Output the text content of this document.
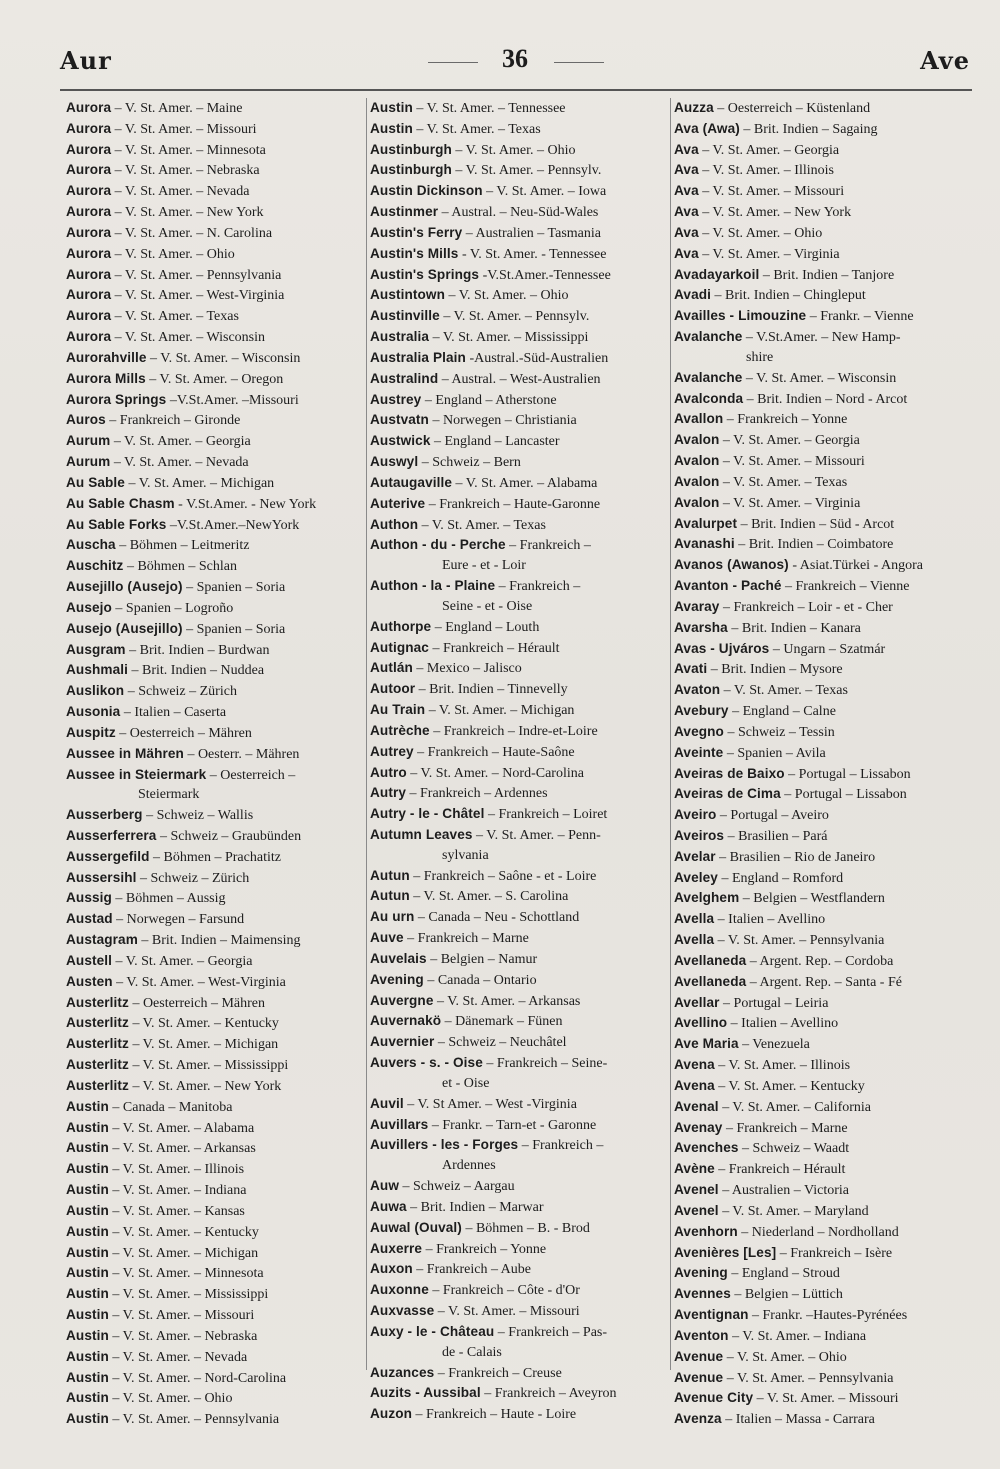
Aur	36	Ave
Aurora – V. St. Amer. – Maine
Aurora – V. St. Amer. – Missouri
Aurora – V. St. Amer. – Minnesota
Aurora – V. St. Amer. – Nebraska
Aurora – V. St. Amer. – Nevada
Aurora – V. St. Amer. – New York
Aurora – V. St. Amer. – N. Carolina
Aurora – V. St. Amer. – Ohio
Aurora – V. St. Amer. – Pennsylvania
Aurora – V. St. Amer. – West-Virginia
Aurora – V. St. Amer. – Texas
Aurora – V. St. Amer. – Wisconsin
Aurorahville – V. St. Amer. – Wisconsin
Aurora Mills – V. St. Amer. – Oregon
Aurora Springs –V.St.Amer. –Missouri
Auros – Frankreich – Gironde
Aurum – V. St. Amer. – Georgia
Aurum – V. St. Amer. – Nevada
Au Sable – V. St. Amer. – Michigan
Au Sable Chasm - V.St.Amer. - New York
Au Sable Forks –V.St.Amer.–NewYork
Auscha – Böhmen – Leitmeritz
Auschitz – Böhmen – Schlan
Ausejillo (Ausejo) – Spanien – Soria
Ausejo – Spanien – Logroño
Ausejo (Ausejillo) – Spanien – Soria
Ausgram – Brit. Indien – Burdwan
Aushmali – Brit. Indien – Nuddea
Auslikon – Schweiz – Zürich
Ausonia – Italien – Caserta
Auspitz – Oesterreich – Mähren
Aussee in Mähren – Oesterr. – Mähren
Aussee in Steiermark – Oesterreich –
Steiermark
Ausserberg – Schweiz – Wallis
Ausserferrera – Schweiz – Graubünden
Aussergefild – Böhmen – Prachatitz
Aussersihl – Schweiz – Zürich
Aussig – Böhmen – Aussig
Austad – Norwegen – Farsund
Austagram – Brit. Indien – Maimensing
Austell – V. St. Amer. – Georgia
Austen – V. St. Amer. – West-Virginia
Austerlitz – Oesterreich – Mähren
Austerlitz – V. St. Amer. – Kentucky
Austerlitz – V. St. Amer. – Michigan
Austerlitz – V. St. Amer. – Mississippi
Austerlitz – V. St. Amer. – New York
Austin – Canada – Manitoba
Austin – V. St. Amer. – Alabama
Austin – V. St. Amer. – Arkansas
Austin – V. St. Amer. – Illinois
Austin – V. St. Amer. – Indiana
Austin – V. St. Amer. – Kansas
Austin – V. St. Amer. – Kentucky
Austin – V. St. Amer. – Michigan
Austin – V. St. Amer. – Minnesota
Austin – V. St. Amer. – Mississippi
Austin – V. St. Amer. – Missouri
Austin – V. St. Amer. – Nebraska
Austin – V. St. Amer. – Nevada
Austin – V. St. Amer. – Nord-Carolina
Austin – V. St. Amer. – Ohio
Austin – V. St. Amer. – Pennsylvania
Austin – V. St. Amer. – Tennessee
Austin – V. St. Amer. – Texas
Austinburgh – V. St. Amer. – Ohio
Austinburgh – V. St. Amer. – Pennsylv.
Austin Dickinson – V. St. Amer. – Iowa
Austinmer – Austral. – Neu-Süd-Wales
Austin's Ferry – Australien – Tasmania
Austin's Mills - V. St. Amer. - Tennessee
Austin's Springs -V.St.Amer.-Tennessee
Austintown – V. St. Amer. – Ohio
Austinville – V. St. Amer. – Pennsylv.
Australia – V. St. Amer. – Mississippi
Australia Plain -Austral.-Süd-Australien
Australind – Austral. – West-Australien
Austrey – England – Atherstone
Austvatn – Norwegen – Christiania
Austwick – England – Lancaster
Auswyl – Schweiz – Bern
Autaugaville – V. St. Amer. – Alabama
Auterive – Frankreich – Haute-Garonne
Authon – V. St. Amer. – Texas
Authon - du - Perche – Frankreich –
Eure - et - Loir
Authon - la - Plaine – Frankreich –
Seine - et - Oise
Authorpe – England – Louth
Autignac – Frankreich – Hérault
Autlán – Mexico – Jalisco
Autoor – Brit. Indien – Tinnevelly
Au Train – V. St. Amer. – Michigan
Autrèche – Frankreich – Indre-et-Loire
Autrey – Frankreich – Haute-Saône
Autro – V. St. Amer. – Nord-Carolina
Autry – Frankreich – Ardennes
Autry - le - Châtel – Frankreich – Loiret
Autumn Leaves – V. St. Amer. – Penn-
sylvania
Autun – Frankreich – Saône - et - Loire
Autun – V. St. Amer. – S. Carolina
Au urn – Canada – Neu - Schottland
Auve – Frankreich – Marne
Auvelais – Belgien – Namur
Avening – Canada – Ontario
Auvergne – V. St. Amer. – Arkansas
Auvernakö – Dänemark – Fünen
Auvernier – Schweiz – Neuchâtel
Auvers - s. - Oise – Frankreich – Seine-
et - Oise
Auvil – V. St Amer. – West -Virginia
Auvillars – Frankr. – Tarn-et - Garonne
Auvillers - les - Forges – Frankreich –
Ardennes
Auw – Schweiz – Aargau
Auwa – Brit. Indien – Marwar
Auwal (Ouval) – Böhmen – B. - Brod
Auxerre – Frankreich – Yonne
Auxon – Frankreich – Aube
Auxonne – Frankreich – Côte - d'Or
Auxvasse – V. St. Amer. – Missouri
Auxy - le - Château – Frankreich – Pas-
de - Calais
Auzances – Frankreich – Creuse
Auzits - Aussibal – Frankreich – Aveyron
Auzon – Frankreich – Haute - Loire
Auzza – Oesterreich – Küstenland
Ava (Awa) – Brit. Indien – Sagaing
Ava – V. St. Amer. – Georgia
Ava – V. St. Amer. – Illinois
Ava – V. St. Amer. – Missouri
Ava – V. St. Amer. – New York
Ava – V. St. Amer. – Ohio
Ava – V. St. Amer. – Virginia
Avadayarkoil – Brit. Indien – Tanjore
Avadi – Brit. Indien – Chingleput
Availles - Limouzine – Frankr. – Vienne
Avalanche – V.St.Amer. – New Hamp-
shire
Avalanche – V. St. Amer. – Wisconsin
Avalconda – Brit. Indien – Nord - Arcot
Avallon – Frankreich – Yonne
Avalon – V. St. Amer. – Georgia
Avalon – V. St. Amer. – Missouri
Avalon – V. St. Amer. – Texas
Avalon – V. St. Amer. – Virginia
Avalurpet – Brit. Indien – Süd - Arcot
Avanashi – Brit. Indien – Coimbatore
Avanos (Awanos) - Asiat.Türkei - Angora
Avanton - Paché – Frankreich – Vienne
Avaray – Frankreich – Loir - et - Cher
Avarsha – Brit. Indien – Kanara
Avas - Ujváros – Ungarn – Szatmár
Avati – Brit. Indien – Mysore
Avaton – V. St. Amer. – Texas
Avebury – England – Calne
Avegno – Schweiz – Tessin
Aveinte – Spanien – Avila
Aveiras de Baixo – Portugal – Lissabon
Aveiras de Cima – Portugal – Lissabon
Aveiro – Portugal – Aveiro
Aveiros – Brasilien – Pará
Avelar – Brasilien – Rio de Janeiro
Aveley – England – Romford
Avelghem – Belgien – Westflandern
Avella – Italien – Avellino
Avella – V. St. Amer. – Pennsylvania
Avellaneda – Argent. Rep. – Cordoba
Avellaneda – Argent. Rep. – Santa - Fé
Avellar – Portugal – Leiria
Avellino – Italien – Avellino
Ave Maria – Venezuela
Avena – V. St. Amer. – Illinois
Avena – V. St. Amer. – Kentucky
Avenal – V. St. Amer. – California
Avenay – Frankreich – Marne
Avenches – Schweiz – Waadt
Avène – Frankreich – Hérault
Avenel – Australien – Victoria
Avenel – V. St. Amer. – Maryland
Avenhorn – Niederland – Nordholland
Avenières [Les] – Frankreich – Isère
Avening – England – Stroud
Avennes – Belgien – Lüttich
Aventignan – Frankr. –Hautes-Pyrénées
Aventon – V. St. Amer. – Indiana
Avenue – V. St. Amer. – Ohio
Avenue – V. St. Amer. – Pennsylvania
Avenue City – V. St. Amer. – Missouri
Avenza – Italien – Massa - Carrara
